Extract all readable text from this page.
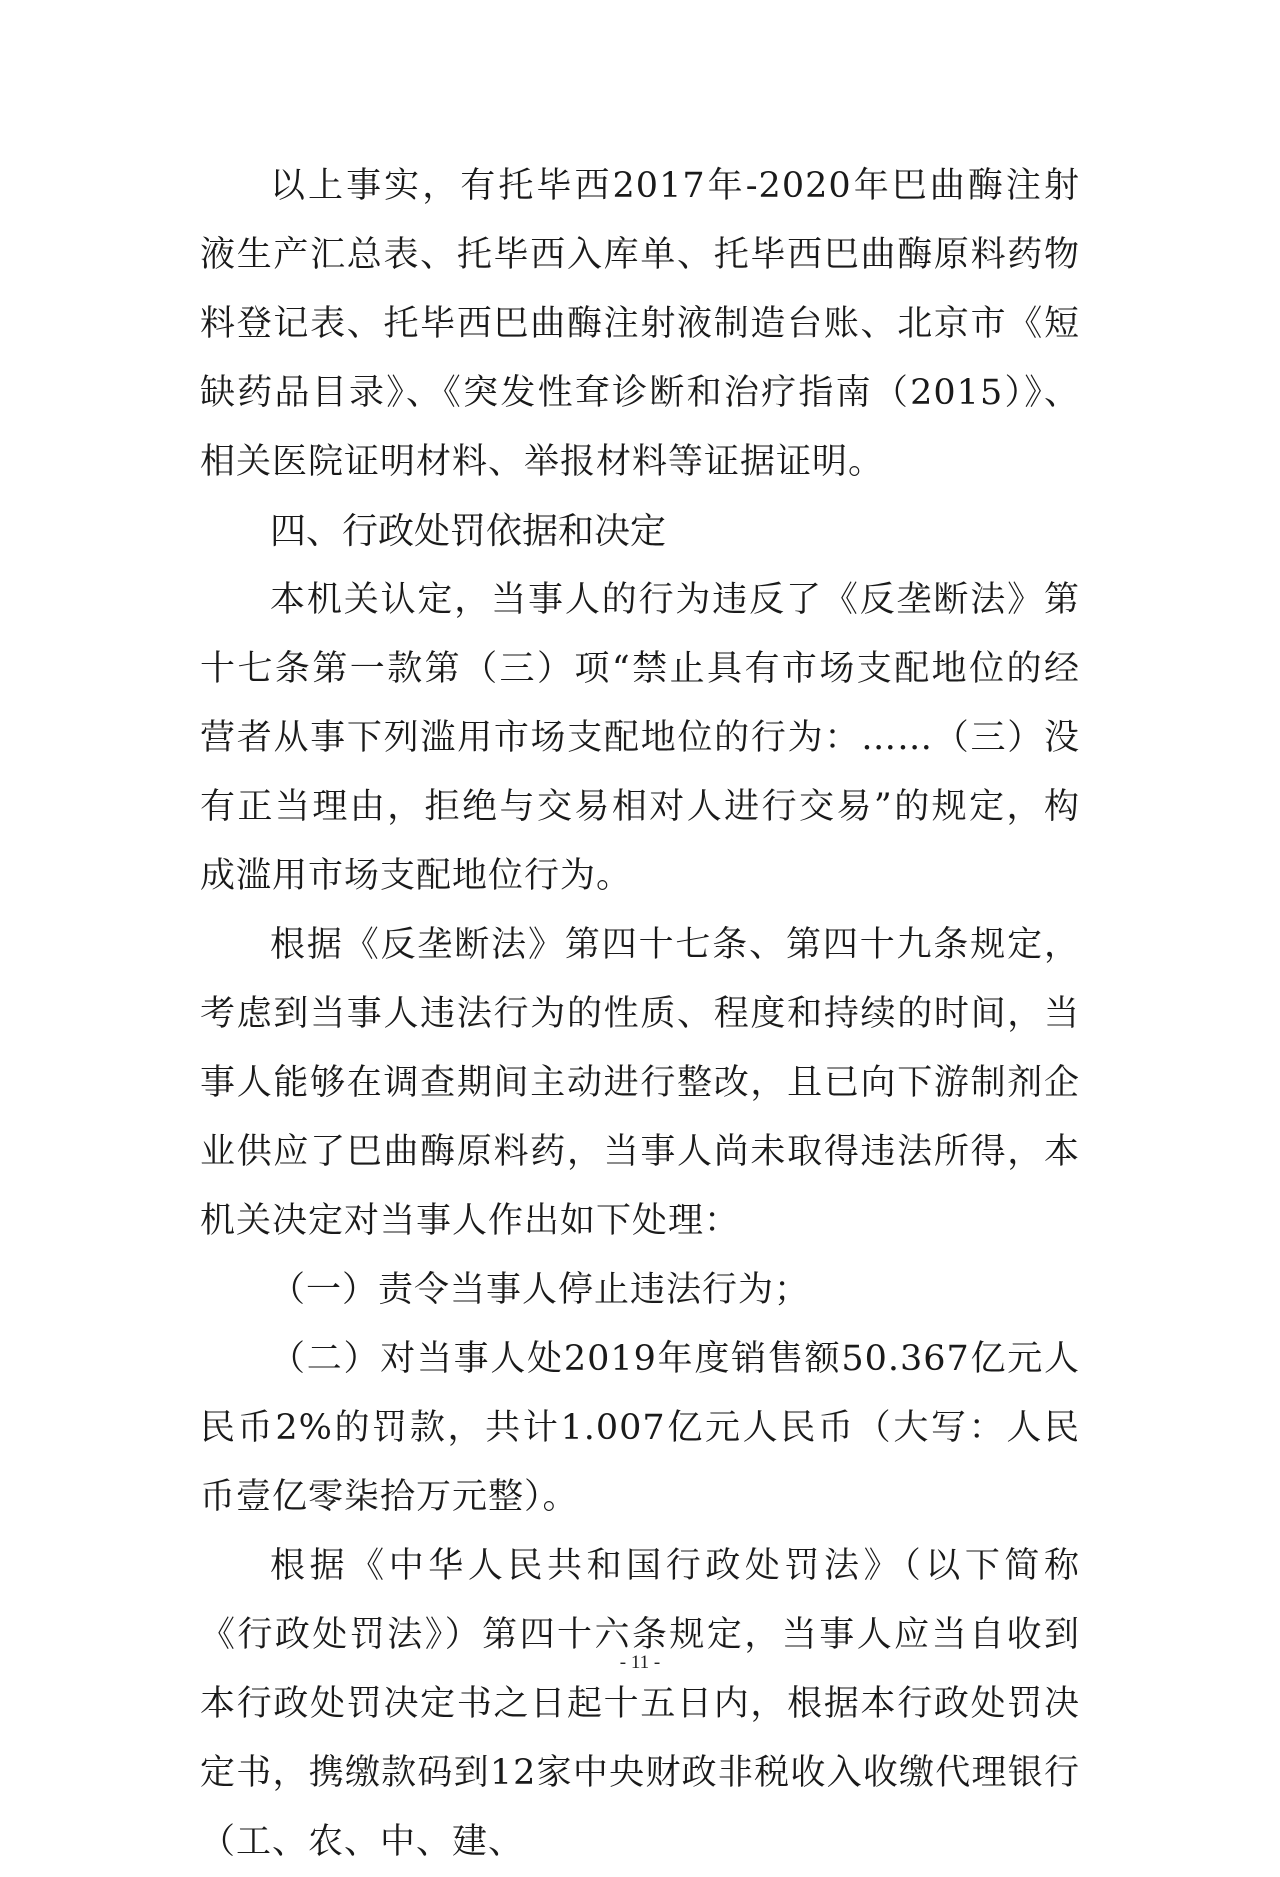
以上事实，有托毕西2017年-2020年巴曲酶注射液生产汇总表、托毕西入库单、托毕西巴曲酶原料药物料登记表、托毕西巴曲酶注射液制造台账、北京市《短缺药品目录》、《突发性耷诊断和治疗指南（2015）》、相关医院证明材料、举报材料等证据证明。

四、行政处罚依据和决定

本机关认定，当事人的行为违反了《反垄断法》第十七条第一款第（三）项“禁止具有市场支配地位的经营者从事下列滥用市场支配地位的行为：……（三）没有正当理由，拒绝与交易相对人进行交易”的规定，构成滥用市场支配地位行为。

根据《反垄断法》第四十七条、第四十九条规定，考虑到当事人违法行为的性质、程度和持续的时间，当事人能够在调查期间主动进行整改，且已向下游制剂企业供应了巴曲酶原料药，当事人尚未取得违法所得，本机关决定对当事人作出如下处理：

（一）责令当事人停止违法行为；

（二）对当事人处2019年度销售额50.367亿元人民币2%的罚款，共计1.007亿元人民币（大写：人民币壹亿零柒拾万元整）。

根据《中华人民共和国行政处罚法》（以下简称《行政处罚法》）第四十六条规定，当事人应当自收到本行政处罚决定书之日起十五日内，根据本行政处罚决定书，携缴款码到12家中央财政非税收入收缴代理银行（工、农、中、建、

- 11 -
